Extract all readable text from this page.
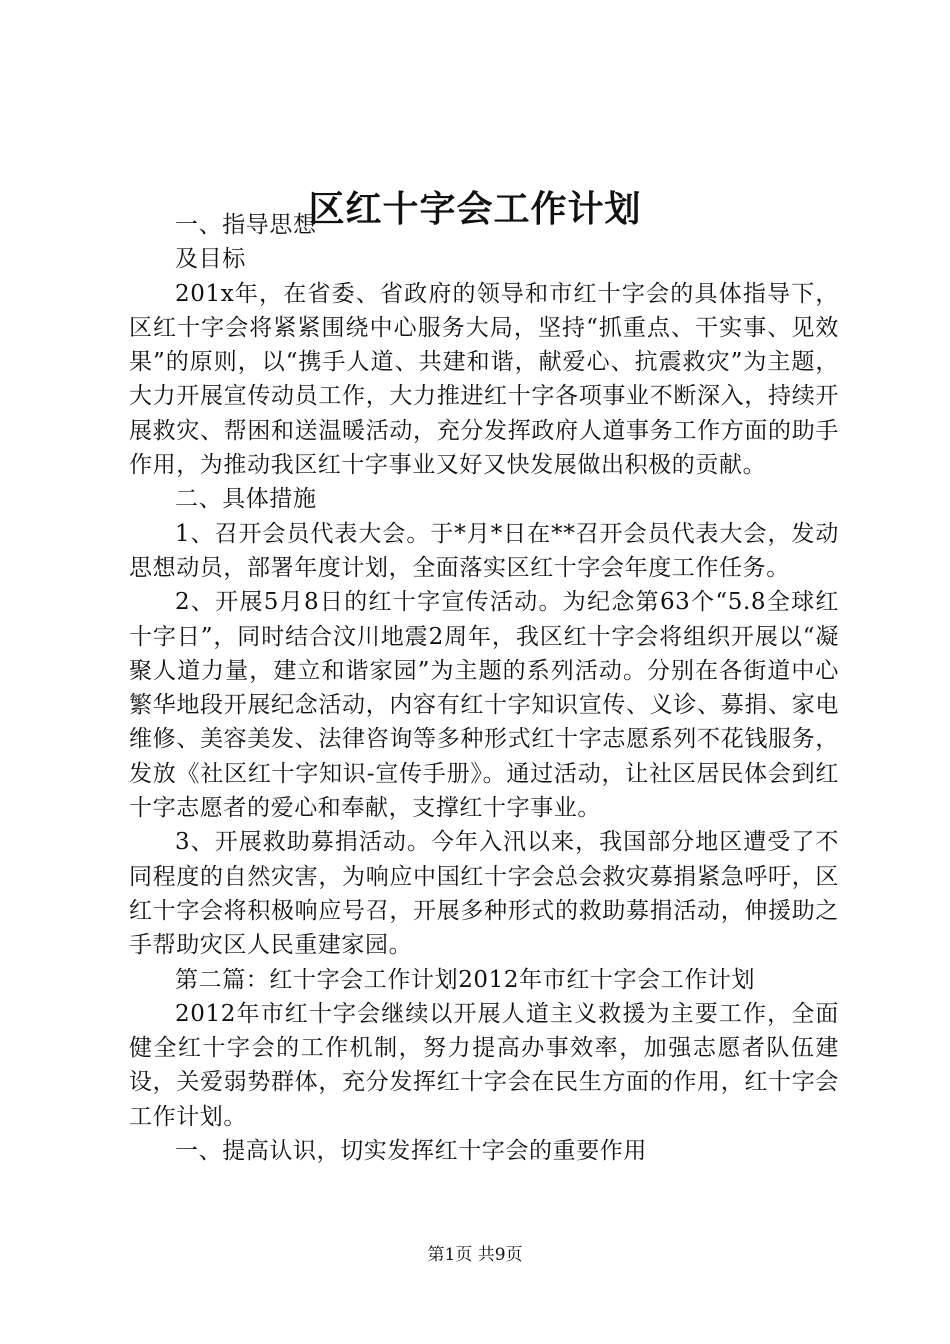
区红十字会工作计划

一、指导思想

及目标

201x年，在省委、省政府的领导和市红十字会的具体指导下，区红十字会将紧紧围绕中心服务大局，坚持“抓重点、干实事、见效果”的原则，以“携手人道、共建和谐，献爱心、抗震救灾”为主题，大力开展宣传动员工作，大力推进红十字各项事业不断深入，持续开展救灾、帮困和送温暖活动，充分发挥政府人道事务工作方面的助手作用，为推动我区红十字事业又好又快发展做出积极的贡献。

二、具体措施

1、召开会员代表大会。于*月*日在**召开会员代表大会，发动思想动员，部署年度计划，全面落实区红十字会年度工作任务。

2、开展5月8日的红十字宣传活动。为纪念第63个“5.8全球红十字日”，同时结合汶川地震2周年，我区红十字会将组织开展以“凝聚人道力量，建立和谐家园”为主题的系列活动。分别在各街道中心繁华地段开展纪念活动，内容有红十字知识宣传、义诊、募捐、家电维修、美容美发、法律咨询等多种形式红十字志愿系列不花钱服务，发放《社区红十字知识-宣传手册》。通过活动，让社区居民体会到红十字志愿者的爱心和奉献，支撑红十字事业。

3、开展救助募捐活动。今年入汛以来，我国部分地区遭受了不同程度的自然灾害，为响应中国红十字会总会救灾募捐紧急呼吁，区红十字会将积极响应号召，开展多种形式的救助募捐活动，伸援助之手帮助灾区人民重建家园。

第二篇：红十字会工作计划2012年市红十字会工作计划

2012年市红十字会继续以开展人道主义救援为主要工作，全面健全红十字会的工作机制，努力提高办事效率，加强志愿者队伍建设，关爱弱势群体，充分发挥红十字会在民生方面的作用，红十字会工作计划。

一、提高认识，切实发挥红十字会的重要作用

第1页 共9页
